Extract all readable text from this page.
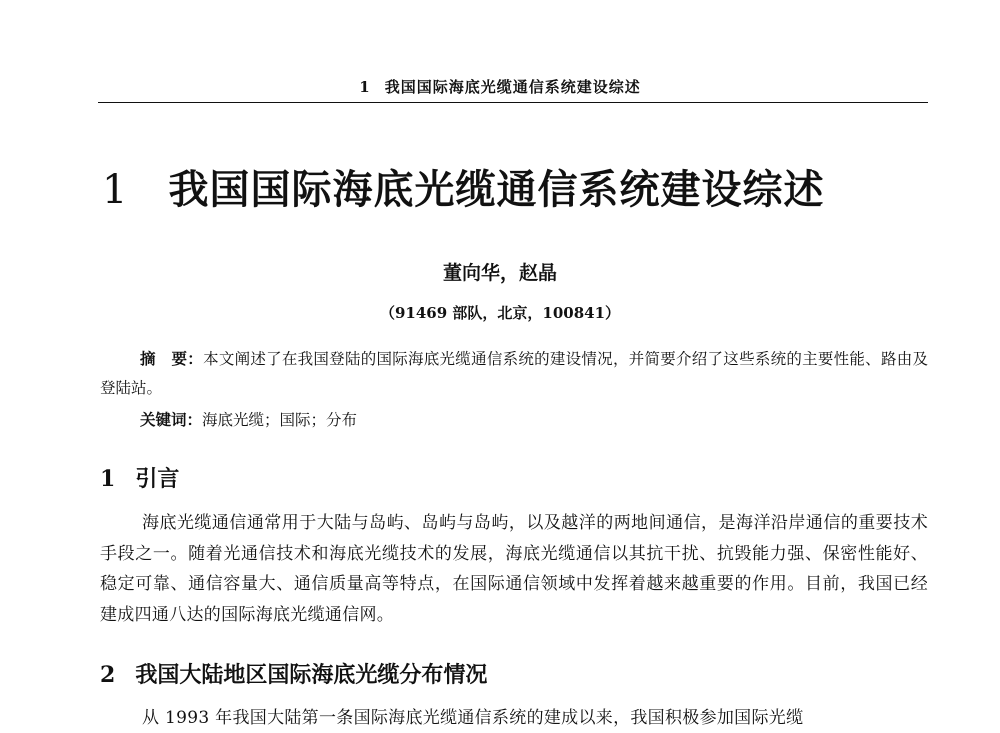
1 我国国际海底光缆通信系统建设综述
1 我国国际海底光缆通信系统建设综述
董向华，赵晶
（91469 部队，北京，100841）
摘　要：本文阐述了在我国登陆的国际海底光缆通信系统的建设情况，并简要介绍了这些系统的主要性能、路由及登陆站。
关键词：海底光缆；国际；分布
1 引言
海底光缆通信通常用于大陆与岛屿、岛屿与岛屿，以及越洋的两地间通信，是海洋沿岸通信的重要技术手段之一。随着光通信技术和海底光缆技术的发展，海底光缆通信以其抗干扰、抗毁能力强、保密性能好、稳定可靠、通信容量大、通信质量高等特点，在国际通信领域中发挥着越来越重要的作用。目前，我国已经建成四通八达的国际海底光缆通信网。
2 我国大陆地区国际海底光缆分布情况
从 1993 年我国大陆第一条国际海底光缆通信系统的建成以来，我国积极参加国际光缆
